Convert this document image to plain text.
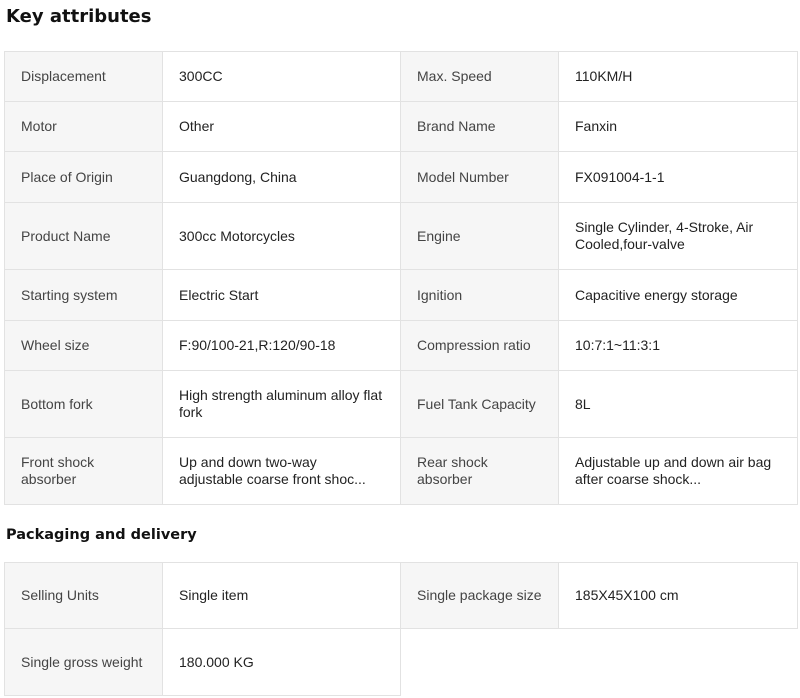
Key attributes
Displacement	300CC	Max. Speed	110KM/H

Motor	Other	Brand Name	Fanxin

Place of Origin	Guangdong, China	Model Number	FX091004-1-1

Product Name	300cc Motorcycles	Engine	Single Cylinder, 4-Stroke, Air Cooled,four-valve

Starting system	Electric Start	Ignition	Capacitive energy storage

Wheel size	F:90/100-21,R:120/90-18	Compression ratio	10:7:1~11:3:1

Bottom fork	High strength aluminum alloy flat fork	Fuel Tank Capacity	8L

Front shock absorber	Up and down two-way adjustable coarse front shoc...	Rear shock absorber	Adjustable up and down air bag after coarse shock...
Packaging and delivery
Selling Units	Single item	Single package size	185X45X100 cm

Single gross weight	180.000 KG		
